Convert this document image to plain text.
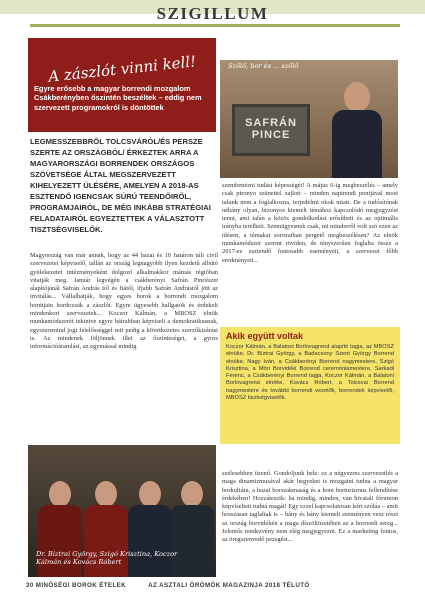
SZIGILLUM
A zászlót vinni kell!
Egyre erősebb a magyar borrendi mozgalom Csákberényben őszintén beszéltek – eddig nem szervezett programokról is döntöttek
SAFRÁN PINCE
Szőlő, bor és ... szőlő
LEGMESSZEBBRŐL TOLCSVÁRÓL/ÉS PERSZE SZERTE AZ ORSZÁGBÓL/ ÉRKEZTEK ARRA A MAGYARORSZÁGI BORRENDEK ORSZÁGOS SZÖVETSÉGE ÁLTAL MEGSZERVEZETT KIHELYEZETT ÜLÉSÉRE, AMELYEN A 2018-AS ESZTENDŐ IGENCSAK SÚRÚ TEENDŐIRŐL, PROGRAMJAIRÓL, DE MÉG INKÁBB STRATÉGIAI FELADATAIRÓL EGYEZTETTEK A VÁLASZTOTT TISZTSÉGVISELŐK.
Magyország van már annak, hogy az 44 hazai és 10 határon túli civil szervezetet képviselő, tallán az ország legnagyobb ilyen kezdetű albútó gyülekezetet intézményeként dolgozó alkalmakkor mámás régióban vitatják meg. Január legvégén a csákberényi Safrán Pincészet alapítójánál Safrán András tól és fiától, ifjabb Safrán Andrástól jött az invitálás... Vállalhatják, hogy egyes borok a borrendi mozgalom borútjain hordozzák a zászlót. Egyre ügyesebb hallgatók és érdekelt mindenkori szervezetek... Koczor Kálmán, a MBOSZ elnök munkamódszerét tekintve egyre bátrabban képviseli a demokratikusnak, egyszersmind jogi felelősséggel mit pedig a következetes szerzőkizárást is. Az mindenek följönnek illet az őszinteséget, a gyors információáramlást, az egymással mindig
szembenézni tudást képességét! A május 6-ig megbeszélés – amely csak pironyo szünettel zajlott – minden napirendi pontjával most talunk nem a foglalkozna, terjedelmi okok miatt. De a tudósítónak néhány olyan, bizonyos kiemelt témához kapcsolódó megjegyzést tenni, ami talán a közös gondolkodást erősítheti és az optimális irányba terelheti. Szemügyesnek csak, mi minderről volt szó ezen az ülésen, a témakat sorozatban pergető megbeszélésen? Az elnök munkamódszer szerint röviden, de tényszerűen foglalta össze a 2017-es esztendő fontosabb eseményeit, a szervezet főbb eredményeit...
Akik együtt voltak
Koczor Kálmán, a Balatoni Borlovagrend alapító tagja, az MBOSZ elnöke, Dr. Bíztrai György, a Badacsony Szent György Borrend elnöke, Nagy Iván, a Csákberényi Borrend nagymestere, Szigó Krisztina, a Móri Borvidéki Borrend ceremóniamestere, Sarkadi Ferenc, a Csákberényi Borrend tagja, Koczor Kálmán, a Balatoni Borlovagrend elnöke, Kovács Róbert, a Tolcsvai Borrend nagymestere és további borrendi vezetők, borrendek képviselői, MBOSZ tisztségviselők.
szélesebben üzenő. Gondoljunk bele: ez a négyezres szervezetlés a maga dinamizmusával akár hegyeket is mozgatni tudna a magyar borkultúra, a hazai borszakmaság és a honi borturizmus fellendítése érdekében! Hozzáteszik: ha mindig, minden, van hivatali fórumon képviselteti tudná magát! Egy ezzel kapcsolatosan leírt szóláa – amit hosszasan taglaltak is – hány és hány kiemelt eseményen vesz részt az ország borvidékén a maga díszöltözetében az a borrendi sereg... Jelentős rendezvény nem elég megjegyezni. Ez a marketing fontos, az öregszenvedő pezsgést...
Dr. Bíztrai György, Szigó Krisztina, Koczor Kálmán és Kovács Róbert
30 MINŐSÉGI BOROK ÉTELEK	AZ ASZTALI ÖRÖMÖK MAGAZINJA 2018 TÉLUTÓ
